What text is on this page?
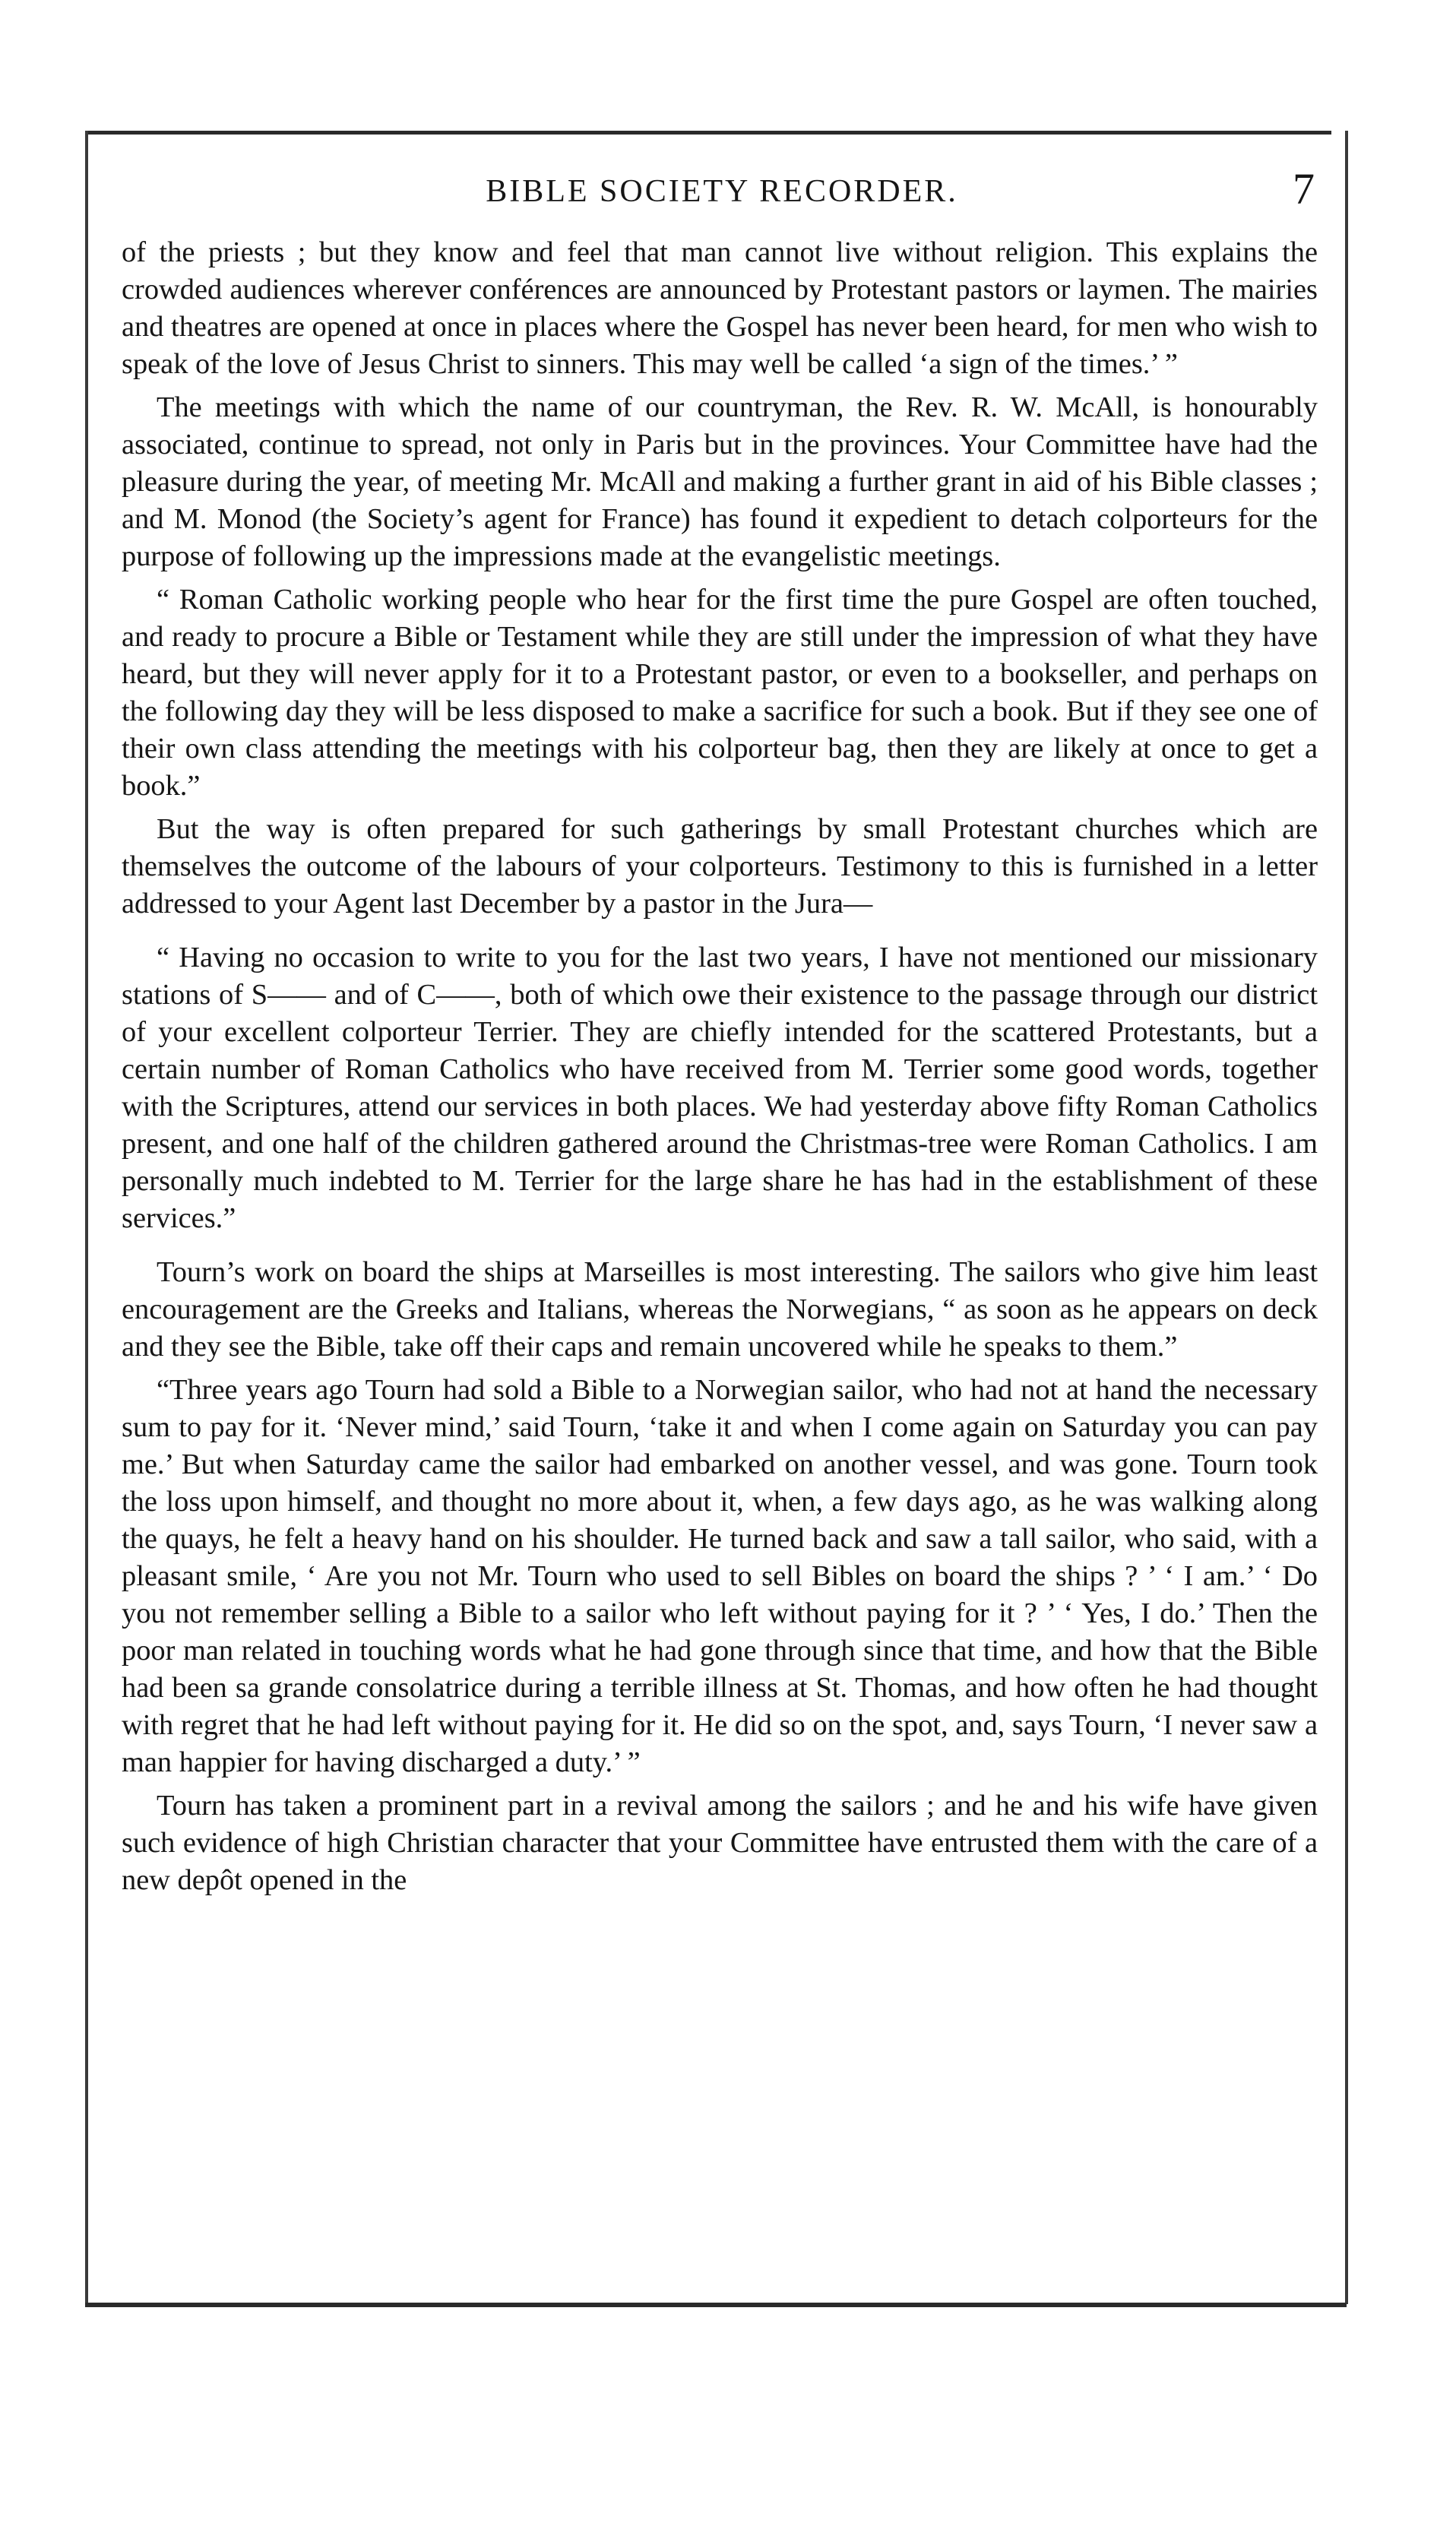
BIBLE SOCIETY RECORDER.	7

of the priests ; but they know and feel that man cannot live without religion. This explains the crowded audiences wherever conférences are announced by Protestant pastors or laymen. The mairies and theatres are opened at once in places where the Gospel has never been heard, for men who wish to speak of the love of Jesus Christ to sinners. This may well be called ‘a sign of the times.’ ”

The meetings with which the name of our countryman, the Rev. R. W. McAll, is honourably associated, continue to spread, not only in Paris but in the provinces. Your Committee have had the pleasure during the year, of meeting Mr. McAll and making a further grant in aid of his Bible classes ; and M. Monod (the Society’s agent for France) has found it expedient to detach colporteurs for the purpose of following up the impressions made at the evangelistic meetings.

“ Roman Catholic working people who hear for the first time the pure Gospel are often touched, and ready to procure a Bible or Testament while they are still under the impression of what they have heard, but they will never apply for it to a Protestant pastor, or even to a bookseller, and perhaps on the following day they will be less disposed to make a sacrifice for such a book. But if they see one of their own class attending the meetings with his colporteur bag, then they are likely at once to get a book.”

But the way is often prepared for such gatherings by small Protestant churches which are themselves the outcome of the labours of your colporteurs. Testimony to this is furnished in a letter addressed to your Agent last December by a pastor in the Jura—

“ Having no occasion to write to you for the last two years, I have not mentioned our missionary stations of S—— and of C——, both of which owe their existence to the passage through our district of your excellent colporteur Terrier. They are chiefly intended for the scattered Protestants, but a certain number of Roman Catholics who have received from M. Terrier some good words, together with the Scriptures, attend our services in both places. We had yesterday above fifty Roman Catholics present, and one half of the children gathered around the Christmas-tree were Roman Catholics. I am personally much indebted to M. Terrier for the large share he has had in the establishment of these services.”

Tourn’s work on board the ships at Marseilles is most interesting. The sailors who give him least encouragement are the Greeks and Italians, whereas the Norwegians, “ as soon as he appears on deck and they see the Bible, take off their caps and remain uncovered while he speaks to them.”

“Three years ago Tourn had sold a Bible to a Norwegian sailor, who had not at hand the necessary sum to pay for it. ‘Never mind,’ said Tourn, ‘take it and when I come again on Saturday you can pay me.’ But when Saturday came the sailor had embarked on another vessel, and was gone. Tourn took the loss upon himself, and thought no more about it, when, a few days ago, as he was walking along the quays, he felt a heavy hand on his shoulder. He turned back and saw a tall sailor, who said, with a pleasant smile, ‘ Are you not Mr. Tourn who used to sell Bibles on board the ships ? ’ ‘ I am.’ ‘ Do you not remember selling a Bible to a sailor who left without paying for it ? ’ ‘ Yes, I do.’ Then the poor man related in touching words what he had gone through since that time, and how that the Bible had been sa grande consolatrice during a terrible illness at St. Thomas, and how often he had thought with regret that he had left without paying for it. He did so on the spot, and, says Tourn, ‘I never saw a man happier for having discharged a duty.’ ”

Tourn has taken a prominent part in a revival among the sailors ; and he and his wife have given such evidence of high Christian character that your Committee have entrusted them with the care of a new depôt opened in the
